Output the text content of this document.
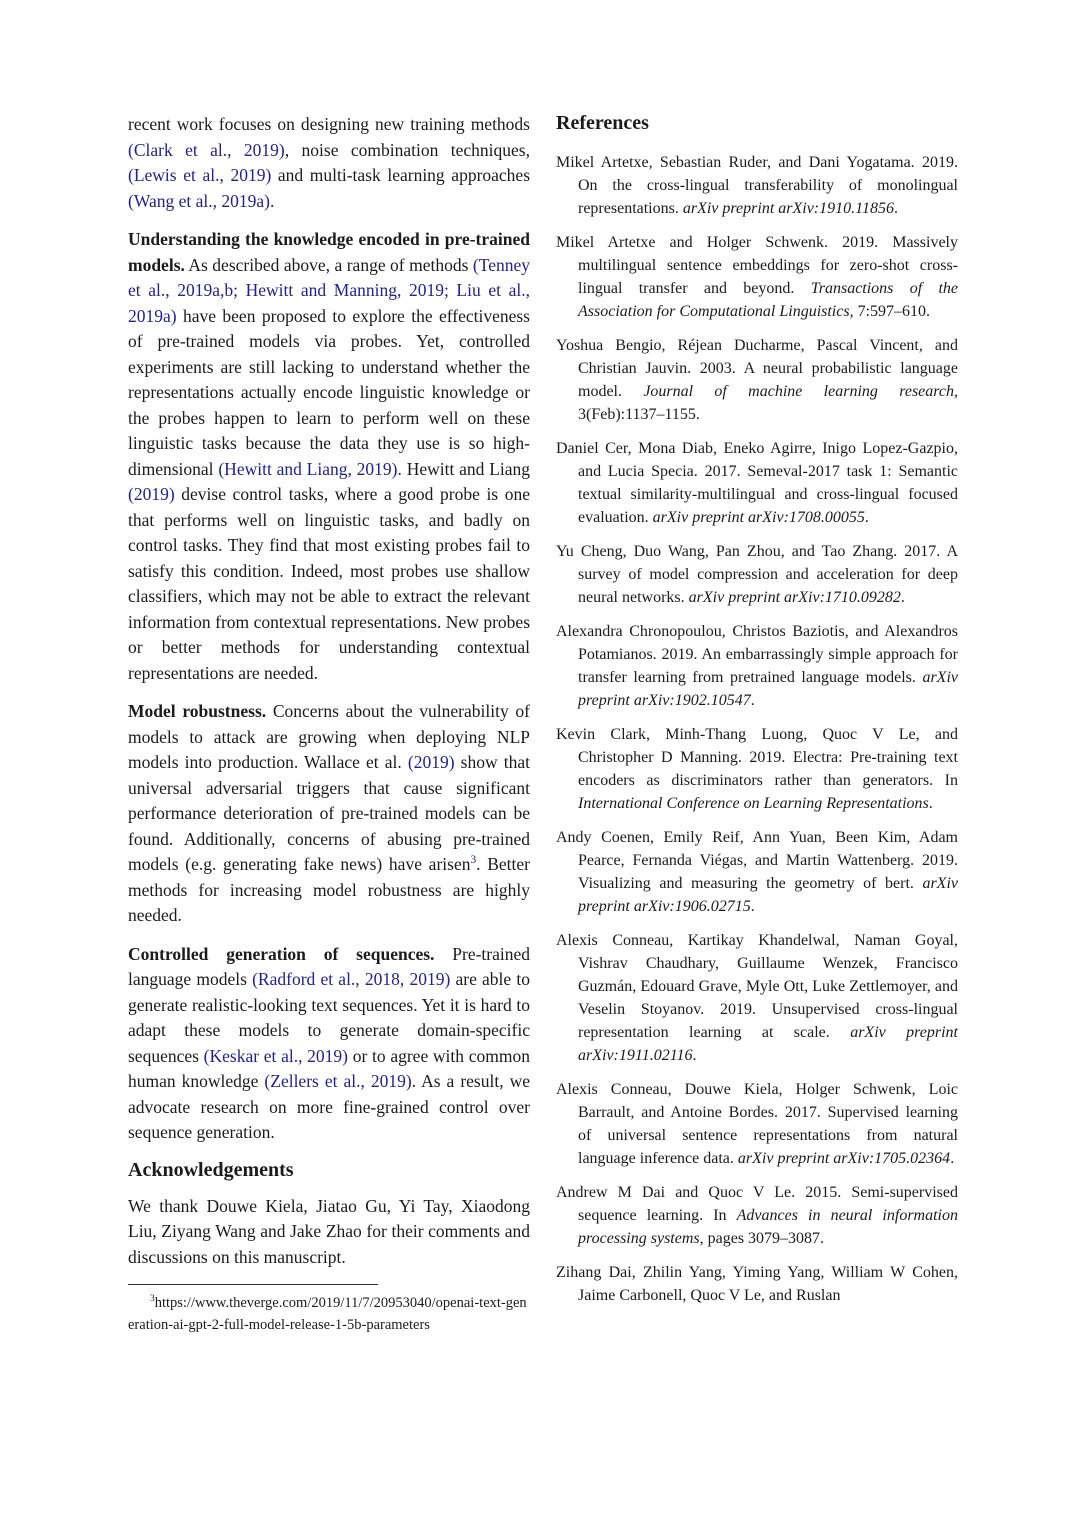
recent work focuses on designing new training methods (Clark et al., 2019), noise combination techniques, (Lewis et al., 2019) and multi-task learning approaches (Wang et al., 2019a).

Understanding the knowledge encoded in pre-trained models. As described above, a range of methods (Tenney et al., 2019a,b; Hewitt and Manning, 2019; Liu et al., 2019a) have been proposed to explore the effectiveness of pre-trained models via probes. Yet, controlled experiments are still lacking to understand whether the representations actually encode linguistic knowledge or the probes happen to learn to perform well on these linguistic tasks because the data they use is so high-dimensional (Hewitt and Liang, 2019). Hewitt and Liang (2019) devise control tasks, where a good probe is one that performs well on linguistic tasks, and badly on control tasks. They find that most existing probes fail to satisfy this condition. Indeed, most probes use shallow classifiers, which may not be able to extract the relevant information from contextual representations. New probes or better methods for understanding contextual representations are needed.

Model robustness. Concerns about the vulnerability of models to attack are growing when deploying NLP models into production. Wallace et al. (2019) show that universal adversarial triggers that cause significant performance deterioration of pre-trained models can be found. Additionally, concerns of abusing pre-trained models (e.g. generating fake news) have arisen$^3$. Better methods for increasing model robustness are highly needed.

Controlled generation of sequences. Pre-trained language models (Radford et al., 2018, 2019) are able to generate realistic-looking text sequences. Yet it is hard to adapt these models to generate domain-specific sequences (Keskar et al., 2019) or to agree with common human knowledge (Zellers et al., 2019). As a result, we advocate research on more fine-grained control over sequence generation.

Acknowledgements

We thank Douwe Kiela, Jiatao Gu, Yi Tay, Xiaodong Liu, Ziyang Wang and Jake Zhao for their comments and discussions on this manuscript.

$^3$https://www.theverge.com/2019/11/7/20953040/openai-text-generation-ai-gpt-2-full-model-release-1-5b-parameters

References

Mikel Artetxe, Sebastian Ruder, and Dani Yogatama. 2019. On the cross-lingual transferability of monolingual representations. arXiv preprint arXiv:1910.11856.

Mikel Artetxe and Holger Schwenk. 2019. Massively multilingual sentence embeddings for zero-shot cross-lingual transfer and beyond. Transactions of the Association for Computational Linguistics, 7:597–610.

Yoshua Bengio, Réjean Ducharme, Pascal Vincent, and Christian Jauvin. 2003. A neural probabilistic language model. Journal of machine learning research, 3(Feb):1137–1155.

Daniel Cer, Mona Diab, Eneko Agirre, Inigo Lopez-Gazpio, and Lucia Specia. 2017. Semeval-2017 task 1: Semantic textual similarity-multilingual and cross-lingual focused evaluation. arXiv preprint arXiv:1708.00055.

Yu Cheng, Duo Wang, Pan Zhou, and Tao Zhang. 2017. A survey of model compression and acceleration for deep neural networks. arXiv preprint arXiv:1710.09282.

Alexandra Chronopoulou, Christos Baziotis, and Alexandros Potamianos. 2019. An embarrassingly simple approach for transfer learning from pretrained language models. arXiv preprint arXiv:1902.10547.

Kevin Clark, Minh-Thang Luong, Quoc V Le, and Christopher D Manning. 2019. Electra: Pre-training text encoders as discriminators rather than generators. In International Conference on Learning Representations.

Andy Coenen, Emily Reif, Ann Yuan, Been Kim, Adam Pearce, Fernanda Viégas, and Martin Wattenberg. 2019. Visualizing and measuring the geometry of bert. arXiv preprint arXiv:1906.02715.

Alexis Conneau, Kartikay Khandelwal, Naman Goyal, Vishrav Chaudhary, Guillaume Wenzek, Francisco Guzmán, Edouard Grave, Myle Ott, Luke Zettlemoyer, and Veselin Stoyanov. 2019. Unsupervised cross-lingual representation learning at scale. arXiv preprint arXiv:1911.02116.

Alexis Conneau, Douwe Kiela, Holger Schwenk, Loic Barrault, and Antoine Bordes. 2017. Supervised learning of universal sentence representations from natural language inference data. arXiv preprint arXiv:1705.02364.

Andrew M Dai and Quoc V Le. 2015. Semi-supervised sequence learning. In Advances in neural information processing systems, pages 3079–3087.

Zihang Dai, Zhilin Yang, Yiming Yang, William W Cohen, Jaime Carbonell, Quoc V Le, and Ruslan
